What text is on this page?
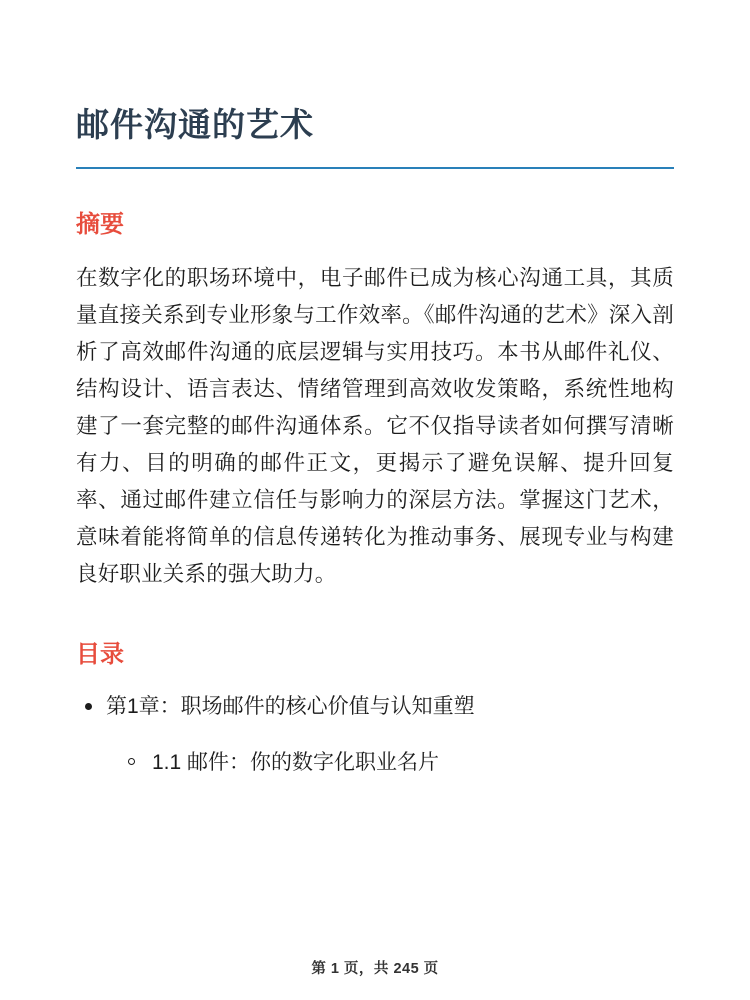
邮件沟通的艺术
摘要

在数字化的职场环境中，电子邮件已成为核心沟通工具，其质量直接关系到专业形象与工作效率。《邮件沟通的艺术》深入剖析了高效邮件沟通的底层逻辑与实用技巧。本书从邮件礼仪、结构设计、语言表达、情绪管理到高效收发策略，系统性地构建了一套完整的邮件沟通体系。它不仅指导读者如何撰写清晰有力、目的明确的邮件正文，更揭示了避免误解、提升回复率、通过邮件建立信任与影响力的深层方法。掌握这门艺术，意味着能将简单的信息传递转化为推动事务、展现专业与构建良好职业关系的强大助力。

目录
第1章：职场邮件的核心价值与认知重塑
1.1 邮件：你的数字化职业名片
第 1 页，共 245 页
